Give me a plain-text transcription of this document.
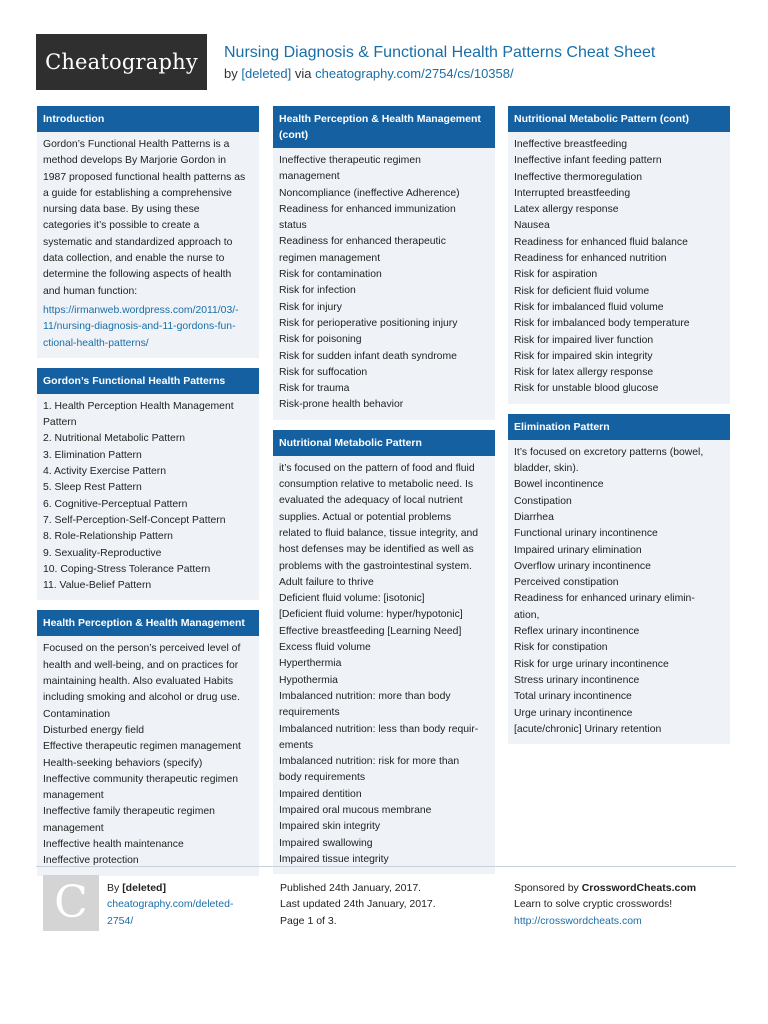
Cheatography	Nursing Diagnosis & Functional Health Patterns Cheat Sheet
by [deleted] via cheatography.com/2754/cs/10358/
Introduction
Gordon’s Functional Health Patterns is a
method develops By Marjorie Gordon in
1987 proposed functional health patterns as
a guide for establishing a comprehensive
nursing data base. By using these
categories it’s possible to create a
systematic and standardized approach to
data collection, and enable the nurse to
determine the following aspects of health
and human function:
https://irmanweb.wordpress.com/2011/03/-
11/nursing-diagnosis-and-11-gordons-fun-
ctional-health-patterns/
Gordon’s Functional Health Patterns
1. Health Perception Health Management
Pattern
2. Nutritional Metabolic Pattern
3. Elimination Pattern
4. Activity Exercise Pattern
5. Sleep Rest Pattern
6. Cognitive-Perceptual Pattern
7. Self-Perception-Self-Concept Pattern
8. Role-Relationship Pattern
9. Sexuality-Reproductive
10. Coping-Stress Tolerance Pattern
11. Value-Belief Pattern
Health Perception & Health Management
Focused on the person’s perceived level of
health and well-being, and on practices for
maintaining health. Also evaluated Habits
including smoking and alcohol or drug use.
Contamination
Disturbed energy field
Effective therapeutic regimen management
Health-seeking behaviors (specify)
Ineffective community therapeutic regimen
management
Ineffective family therapeutic regimen
management
Ineffective health maintenance
Ineffective protection
Health Perception & Health Management
(cont)
Ineffective therapeutic regimen
management
Noncompliance (ineffective Adherence)
Readiness for enhanced immunization
status
Readiness for enhanced therapeutic
regimen management
Risk for contamination
Risk for infection
Risk for injury
Risk for perioperative positioning injury
Risk for poisoning
Risk for sudden infant death syndrome
Risk for suffocation
Risk for trauma
Risk-prone health behavior
Nutritional Metabolic Pattern
it’s focused on the pattern of food and fluid
consumption relative to metabolic need. Is
evaluated the adequacy of local nutrient
supplies. Actual or potential problems
related to fluid balance, tissue integrity, and
host defenses may be identified as well as
problems with the gastrointestinal system.
Adult failure to thrive
Deficient fluid volume: [isotonic]
[Deficient fluid volume: hyper/hypotonic]
Effective breastfeeding [Learning Need]
Excess fluid volume
Hyperthermia
Hypothermia
Imbalanced nutrition: more than body
requirements
Imbalanced nutrition: less than body requir-
ements
Imbalanced nutrition: risk for more than
body requirements
Impaired dentition
Impaired oral mucous membrane
Impaired skin integrity
Impaired swallowing
Impaired tissue integrity
Nutritional Metabolic Pattern (cont)
Ineffective breastfeeding
Ineffective infant feeding pattern
Ineffective thermoregulation
Interrupted breastfeeding
Latex allergy response
Nausea
Readiness for enhanced fluid balance
Readiness for enhanced nutrition
Risk for aspiration
Risk for deficient fluid volume
Risk for imbalanced fluid volume
Risk for imbalanced body temperature
Risk for impaired liver function
Risk for impaired skin integrity
Risk for latex allergy response
Risk for unstable blood glucose
Elimination Pattern
It’s focused on excretory patterns (bowel,
bladder, skin).
Bowel incontinence
Constipation
Diarrhea
Functional urinary incontinence
Impaired urinary elimination
Overflow urinary incontinence
Perceived constipation
Readiness for enhanced urinary elimin-
ation,
Reflex urinary incontinence
Risk for constipation
Risk for urge urinary incontinence
Stress urinary incontinence
Total urinary incontinence
Urge urinary incontinence
[acute/chronic] Urinary retention
C	By [deleted]
cheatography.com/deleted-
2754/
Published 24th January, 2017.
Last updated 24th January, 2017.
Page 1 of 3.
Sponsored by CrosswordCheats.com
Learn to solve cryptic crosswords!
http://crosswordcheats.com
